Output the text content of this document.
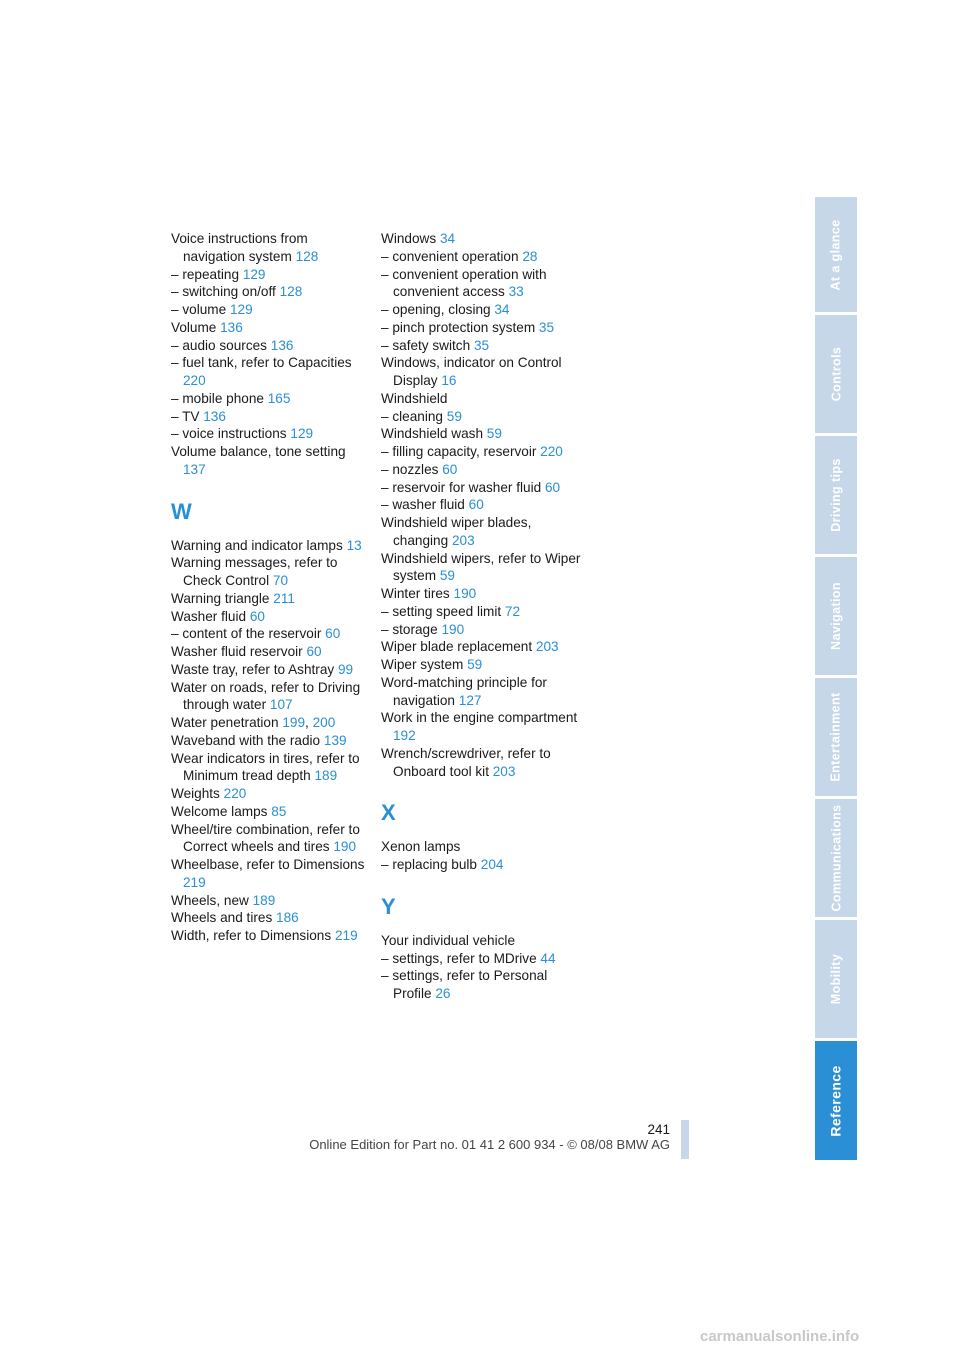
Voice instructions from navigation system 128
– repeating 129
– switching on/off 128
– volume 129
Volume 136
– audio sources 136
– fuel tank, refer to Capacities 220
– mobile phone 165
– TV 136
– voice instructions 129
Volume balance, tone setting 137
W
Warning and indicator lamps 13
Warning messages, refer to Check Control 70
Warning triangle 211
Washer fluid 60
– content of the reservoir 60
Washer fluid reservoir 60
Waste tray, refer to Ashtray 99
Water on roads, refer to Driving through water 107
Water penetration 199, 200
Waveband with the radio 139
Wear indicators in tires, refer to Minimum tread depth 189
Weights 220
Welcome lamps 85
Wheel/tire combination, refer to Correct wheels and tires 190
Wheelbase, refer to Dimensions 219
Wheels, new 189
Wheels and tires 186
Width, refer to Dimensions 219
Windows 34
– convenient operation 28
– convenient operation with convenient access 33
– opening, closing 34
– pinch protection system 35
– safety switch 35
Windows, indicator on Control Display 16
Windshield
– cleaning 59
Windshield wash 59
– filling capacity, reservoir 220
– nozzles 60
– reservoir for washer fluid 60
– washer fluid 60
Windshield wiper blades, changing 203
Windshield wipers, refer to Wiper system 59
Winter tires 190
– setting speed limit 72
– storage 190
Wiper blade replacement 203
Wiper system 59
Word-matching principle for navigation 127
Work in the engine compartment 192
Wrench/screwdriver, refer to Onboard tool kit 203
X
Xenon lamps
– replacing bulb 204
Y
Your individual vehicle
– settings, refer to MDrive 44
– settings, refer to Personal Profile 26
At a glance
Controls
Driving tips
Navigation
Entertainment
Communications
Mobility
Reference
241
Online Edition for Part no. 01 41 2 600 934 - © 08/08 BMW AG
carmanualsonline.info
